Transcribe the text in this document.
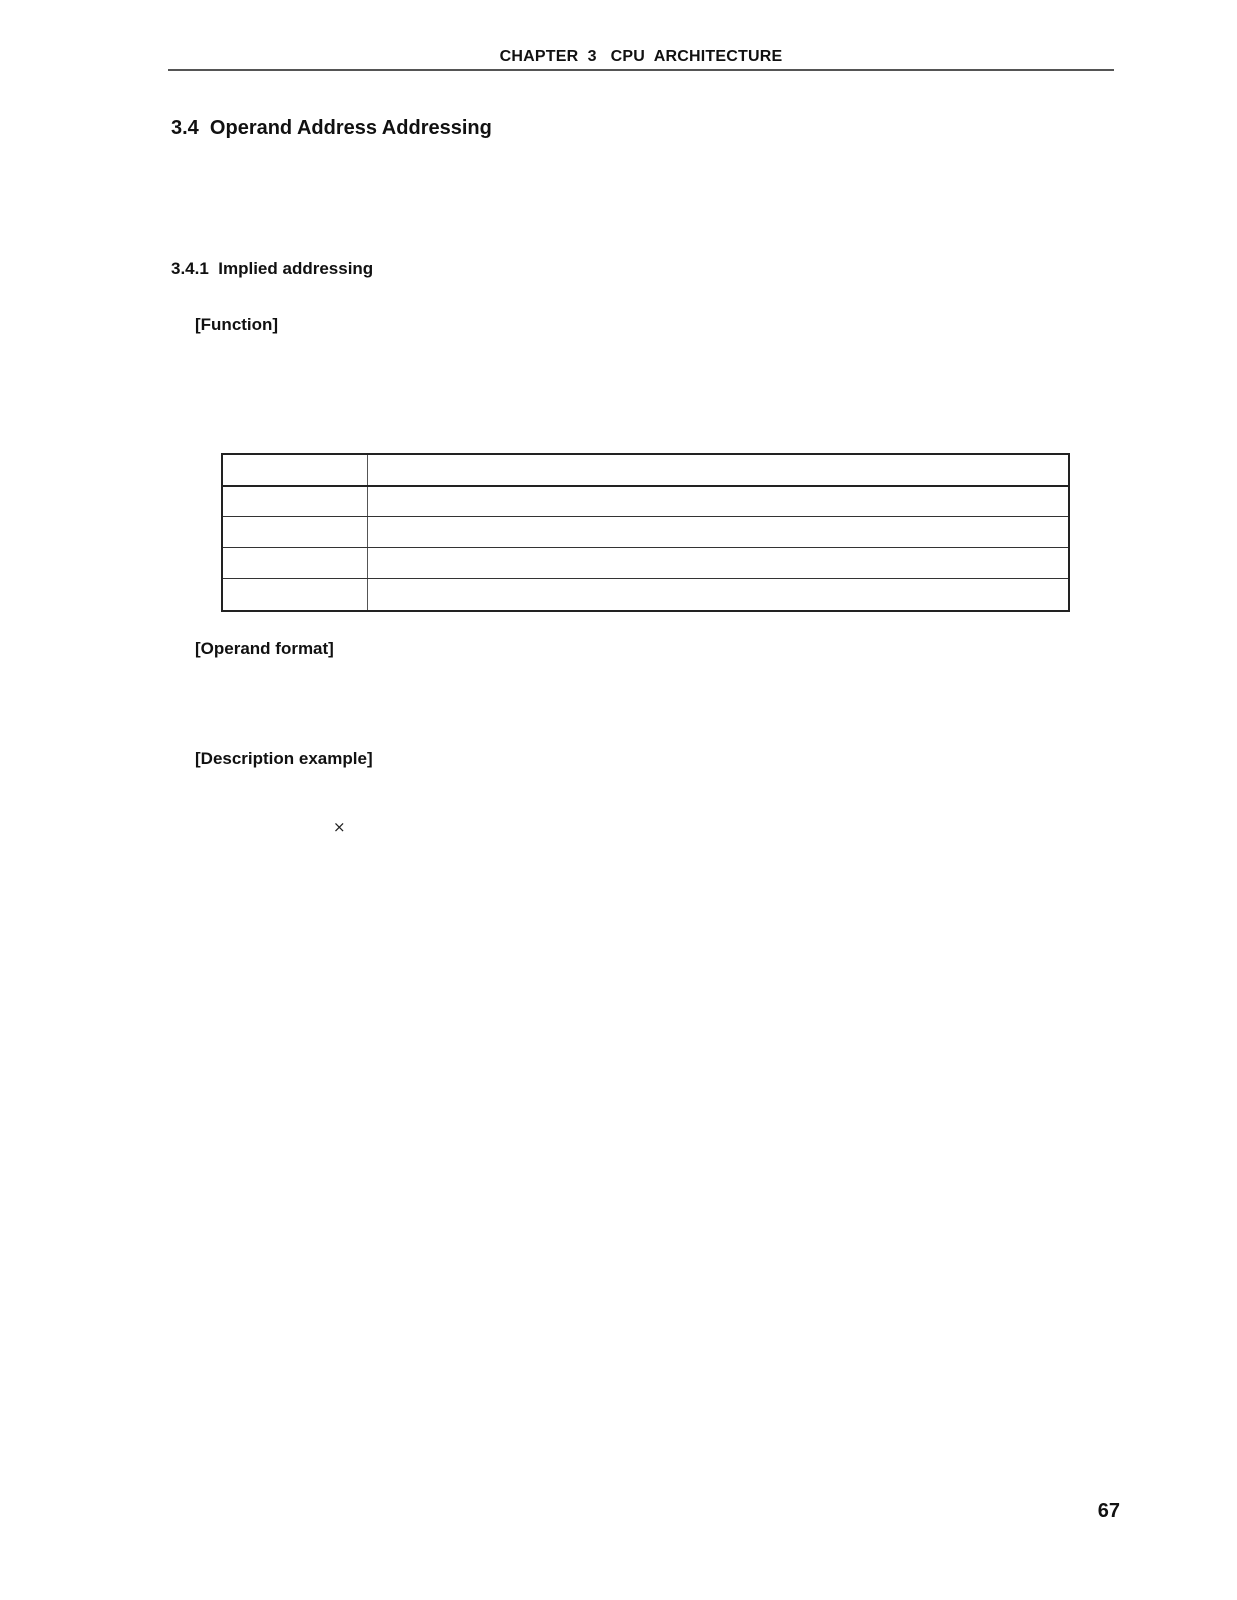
CHAPTER  3   CPU  ARCHITECTURE
3.4  Operand Address Addressing
3.4.1  Implied addressing
[Function]
[Operand format]
[Description example]
×
67
